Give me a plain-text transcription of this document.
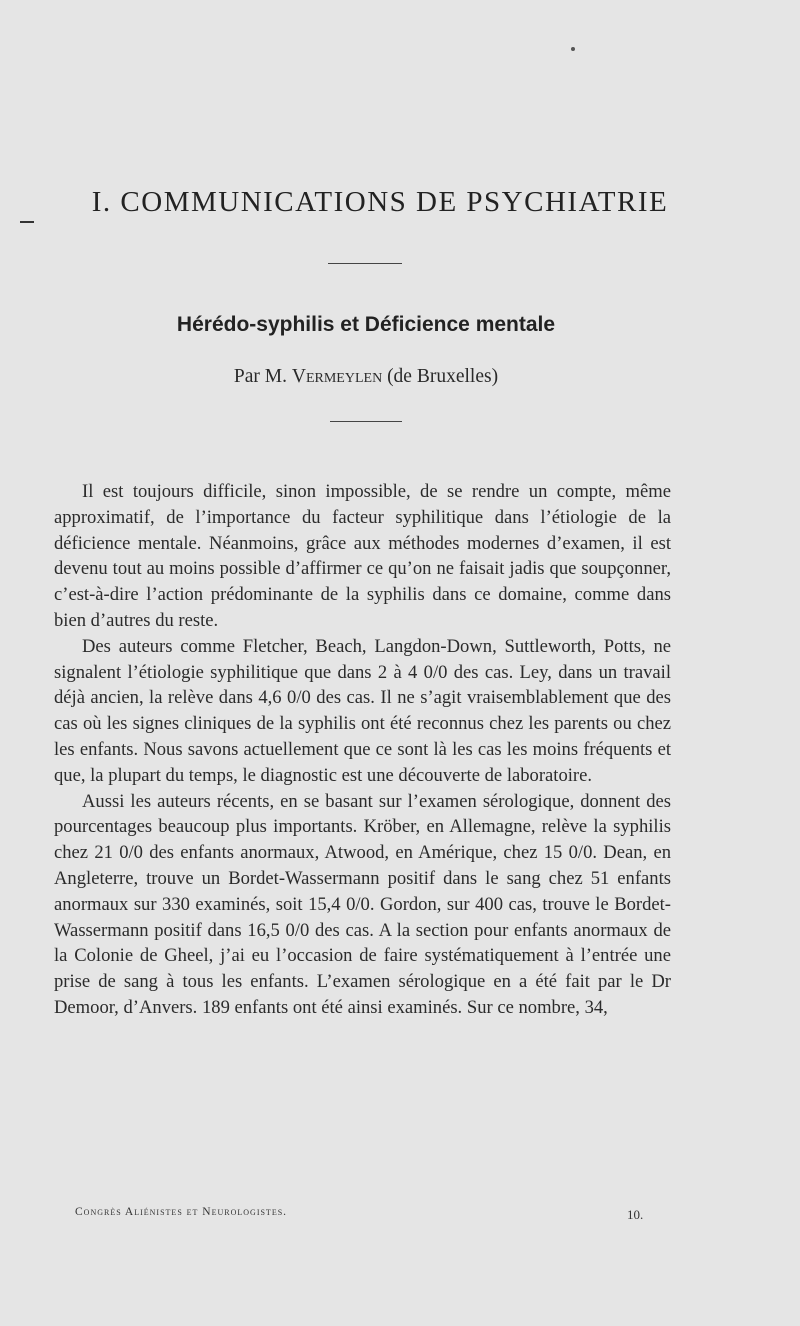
I. COMMUNICATIONS DE PSYCHIATRIE
Hérédo-syphilis et Déficience mentale
Par M. Vermeylen (de Bruxelles)

Il est toujours difficile, sinon impossible, de se rendre un compte, même approximatif, de l’importance du facteur syphilitique dans l’étiologie de la déficience mentale. Néanmoins, grâce aux méthodes modernes d’examen, il est devenu tout au moins possible d’affirmer ce qu’on ne faisait jadis que soupçonner, c’est-à-dire l’action prédominante de la syphilis dans ce domaine, comme dans bien d’autres du reste.

Des auteurs comme Fletcher, Beach, Langdon-Down, Suttleworth, Potts, ne signalent l’étiologie syphilitique que dans 2 à 4 0/0 des cas. Ley, dans un travail déjà ancien, la relève dans 4,6 0/0 des cas. Il ne s’agit vraisemblablement que des cas où les signes cliniques de la syphilis ont été reconnus chez les parents ou chez les enfants. Nous savons actuellement que ce sont là les cas les moins fréquents et que, la plupart du temps, le diagnostic est une découverte de laboratoire.

Aussi les auteurs récents, en se basant sur l’examen sérologique, donnent des pourcentages beaucoup plus importants. Kröber, en Allemagne, relève la syphilis chez 21 0/0 des enfants anormaux, Atwood, en Amérique, chez 15 0/0. Dean, en Angleterre, trouve un Bordet-Wassermann positif dans le sang chez 51 enfants anormaux sur 330 examinés, soit 15,4 0/0. Gordon, sur 400 cas, trouve le Bordet-Wassermann positif dans 16,5 0/0 des cas. A la section pour enfants anormaux de la Colonie de Gheel, j’ai eu l’occasion de faire systématiquement à l’entrée une prise de sang à tous les enfants. L’examen sérologique en a été fait par le Dr Demoor, d’Anvers. 189 enfants ont été ainsi examinés. Sur ce nombre, 34,

Congrès Aliénistes et Neurologistes.	10.
